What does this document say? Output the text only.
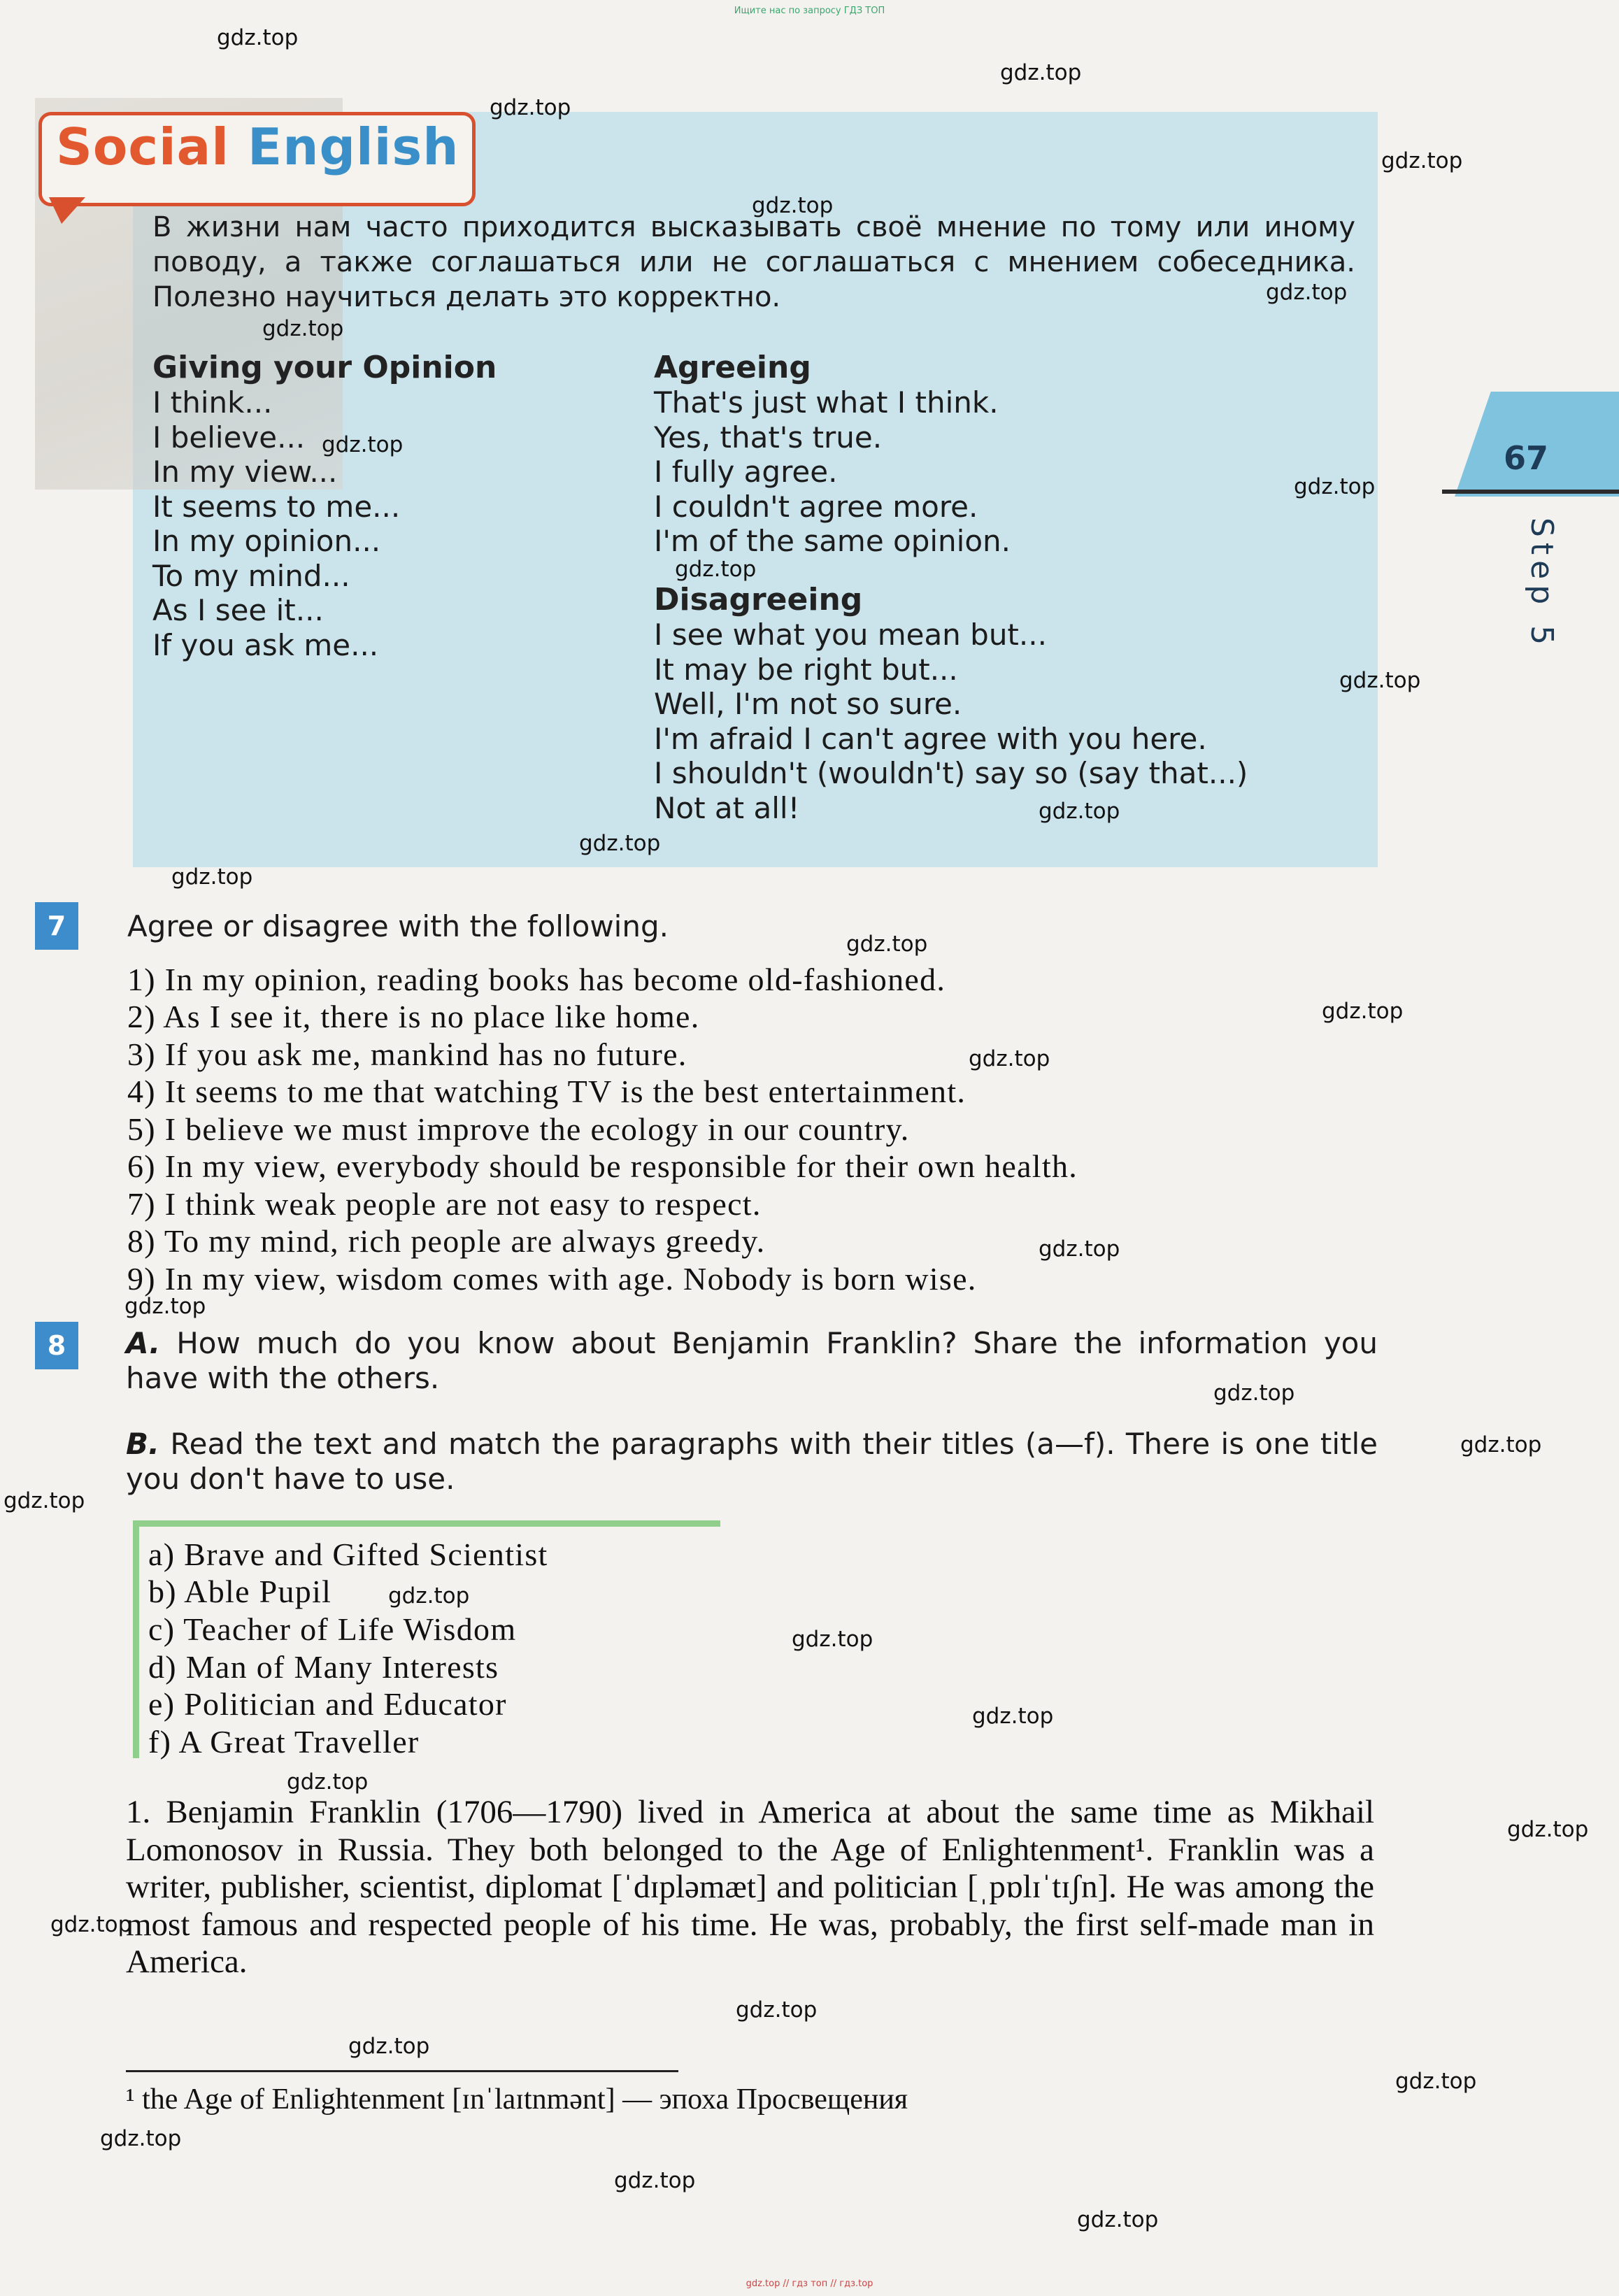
Ищите нас по запросу ГДЗ ТОП
Social English
В жизни нам часто приходится высказывать своё мнение по тому или иному поводу, а также соглашаться или не соглашаться с мнением собеседника. Полезно научиться делать это корректно.
Giving your Opinion
I think...
I believe...
In my view...
It seems to me...
In my opinion...
To my mind...
As I see it...
If you ask me...
Agreeing
That's just what I think.
Yes, that's true.
I fully agree.
I couldn't agree more.
I'm of the same opinion.
Disagreeing
I see what you mean but...
It may be right but...
Well, I'm not so sure.
I'm afraid I can't agree with you here.
I shouldn't (wouldn't) say so (say that...)
Not at all!
67
Step 5
7	Agree or disagree with the following.
1) In my opinion, reading books has become old-fashioned.
2) As I see it, there is no place like home.
3) If you ask me, mankind has no future.
4) It seems to me that watching TV is the best entertainment.
5) I believe we must improve the ecology in our country.
6) In my view, everybody should be responsible for their own health.
7) I think weak people are not easy to respect.
8) To my mind, rich people are always greedy.
9) In my view, wisdom comes with age. Nobody is born wise.
8	A. How much do you know about Benjamin Franklin? Share the information you have with the others.
B. Read the text and match the paragraphs with their titles (a—f). There is one title you don't have to use.
a) Brave and Gifted Scientist
b) Able Pupil
c) Teacher of Life Wisdom
d) Man of Many Interests
e) Politician and Educator
f) A Great Traveller
1. Benjamin Franklin (1706—1790) lived in America at about the same time as Mikhail Lomonosov in Russia. They both belonged to the Age of Enlightenment¹. Franklin was a writer, publisher, scientist, diplomat [ˈdɪpləmæt] and politician [ˌpɒlɪˈtɪʃn]. He was among the most famous and respected people of his time. He was, probably, the first self-made man in America.
¹ the Age of Enlightenment [ɪnˈlaɪtnmənt] — эпоха Просвещения
gdz.top
gdz.top
gdz.top
gdz.top
gdz.top
gdz.top
gdz.top
gdz.top
gdz.top
gdz.top
gdz.top
gdz.top
gdz.top
gdz.top
gdz.top
gdz.top
gdz.top
gdz.top
gdz.top
gdz.top
gdz.top
gdz.top
gdz.top
gdz.top
gdz.top
gdz.top
gdz.top
gdz.top
gdz.top
gdz.top
gdz.top
gdz.top
gdz.top
gdz.top
gdz.top // гдз топ // гдз.top
